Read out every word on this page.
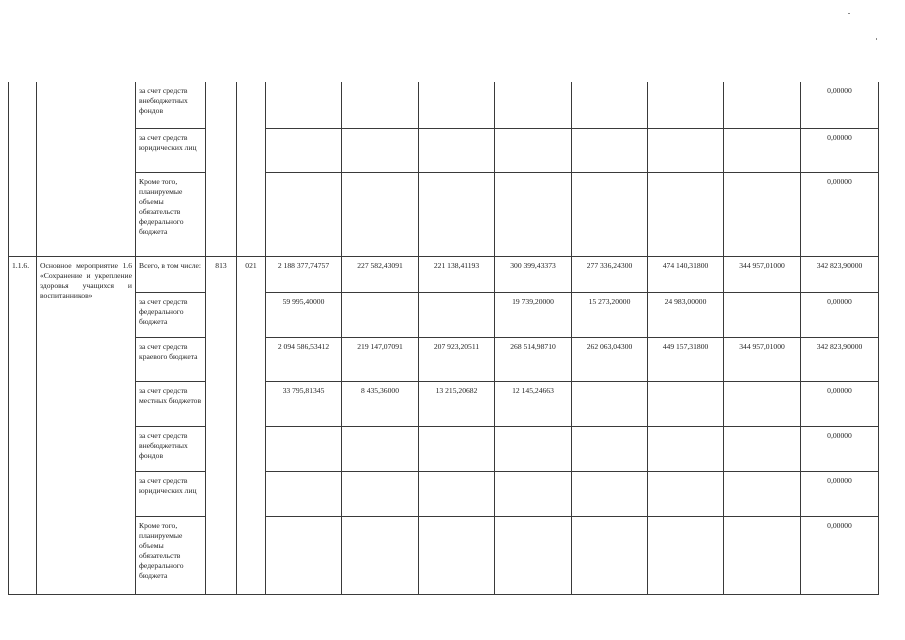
		за счет средств внебюджетных фондов										0,00000
		за счет средств юридических лиц										0,00000
		Кроме того, планируемые объемы обязательств федерального бюджета										0,00000
1.1.6.	Основное мероприятие 1.6 «Сохранение и укрепление здоровья учащихся и воспитанников»	Всего, в том числе:	813	021	2 188 377,74757	227 582,43091	221 138,41193	300 399,43373	277 336,24300	474 140,31800	344 957,01000	342 823,90000
		за счет средств федерального бюджета			59 995,40000			19 739,20000	15 273,20000	24 983,00000		0,00000
		за счет средств краевого бюджета			2 094 586,53412	219 147,07091	207 923,20511	268 514,98710	262 063,04300	449 157,31800	344 957,01000	342 823,90000
		за счет средств местных бюджетов			33 795,81345	8 435,36000	13 215,20682	12 145,24663				0,00000
		за счет средств внебюджетных фондов										0,00000
		за счет средств юридических лиц										0,00000
		Кроме того, планируемые объемы обязательств федерального бюджета										0,00000
